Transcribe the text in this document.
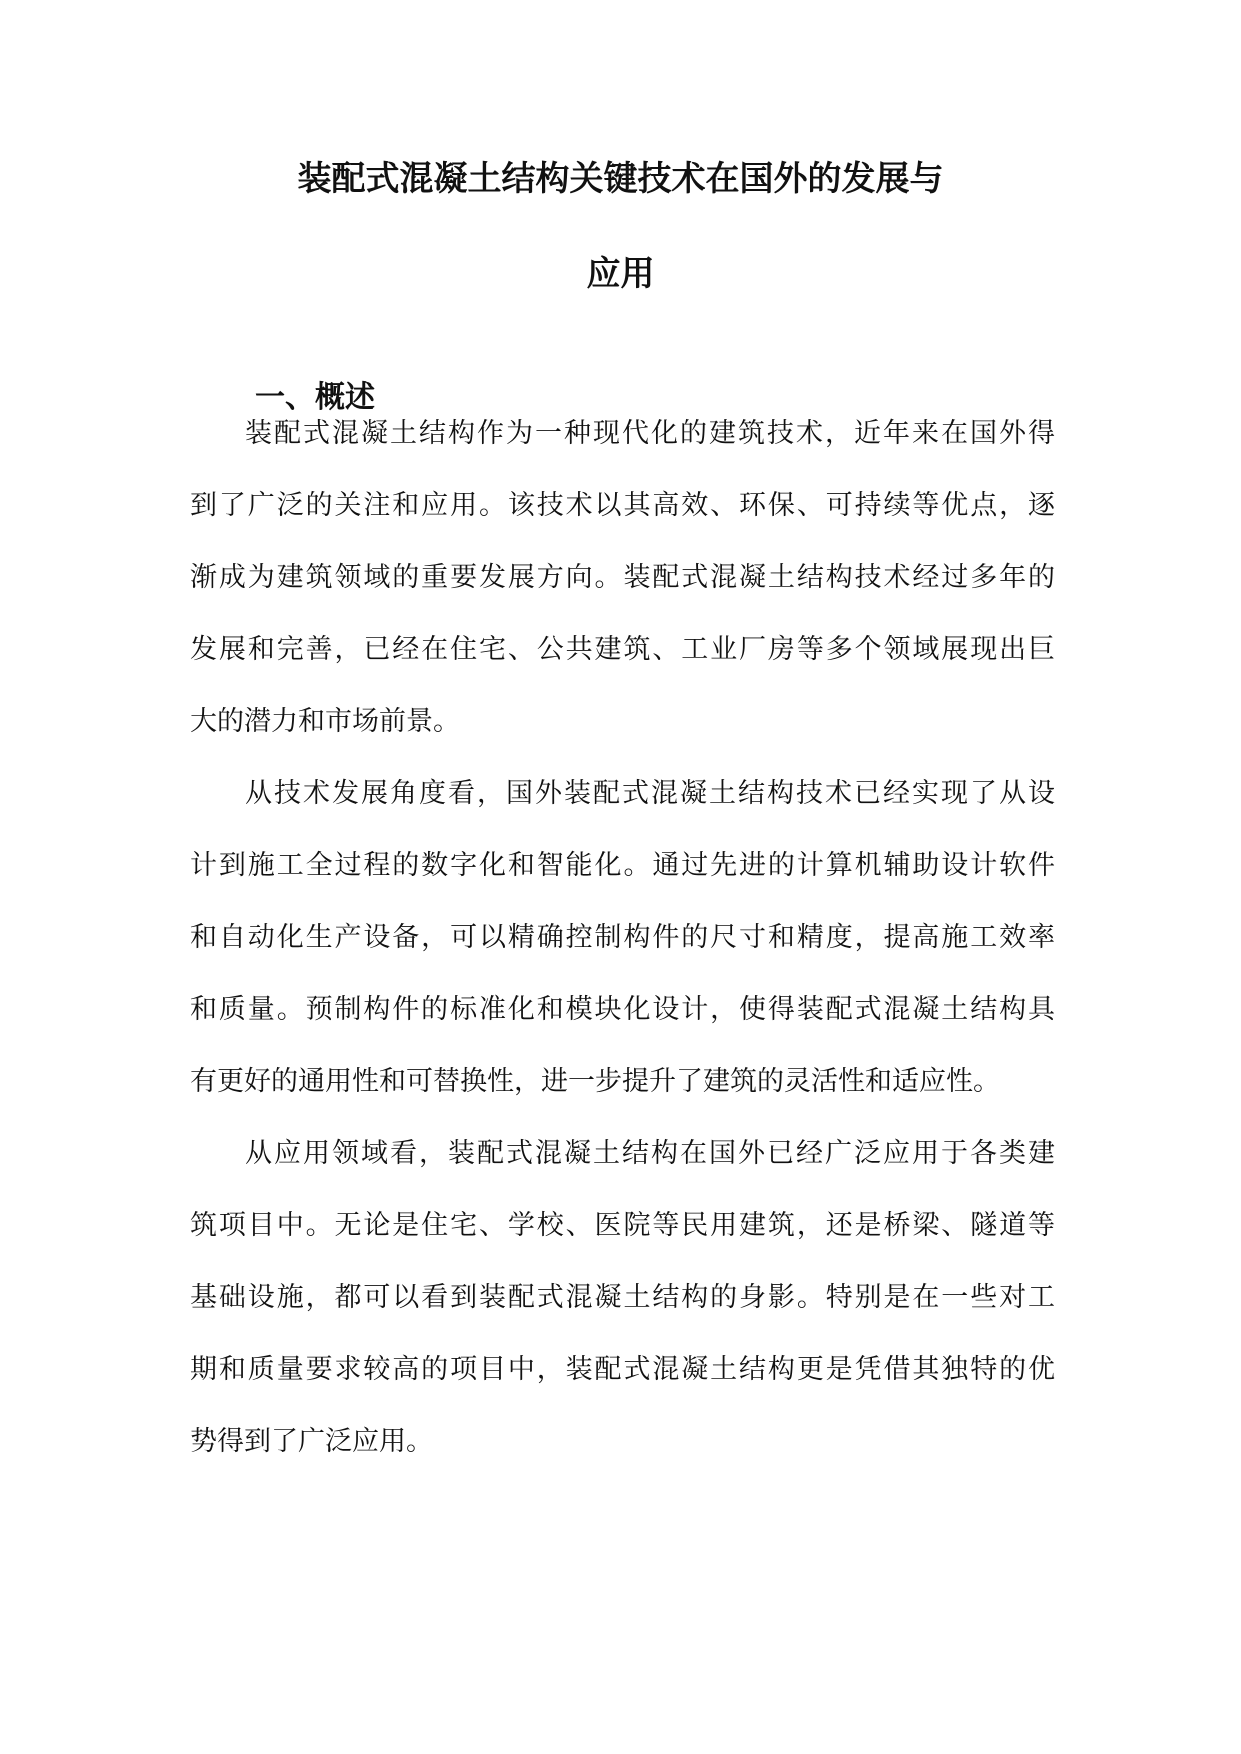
装配式混凝土结构关键技术在国外的发展与
应用
一、概述
装配式混凝土结构作为一种现代化的建筑技术，近年来在国外得
到了广泛的关注和应用。该技术以其高效、环保、可持续等优点，逐
渐成为建筑领域的重要发展方向。装配式混凝土结构技术经过多年的
发展和完善，已经在住宅、公共建筑、工业厂房等多个领域展现出巨
大的潜力和市场前景。
从技术发展角度看，国外装配式混凝土结构技术已经实现了从设
计到施工全过程的数字化和智能化。通过先进的计算机辅助设计软件
和自动化生产设备，可以精确控制构件的尺寸和精度，提高施工效率
和质量。预制构件的标准化和模块化设计，使得装配式混凝土结构具
有更好的通用性和可替换性，进一步提升了建筑的灵活性和适应性。
从应用领域看，装配式混凝土结构在国外已经广泛应用于各类建
筑项目中。无论是住宅、学校、医院等民用建筑，还是桥梁、隧道等
基础设施，都可以看到装配式混凝土结构的身影。特别是在一些对工
期和质量要求较高的项目中，装配式混凝土结构更是凭借其独特的优
势得到了广泛应用。
